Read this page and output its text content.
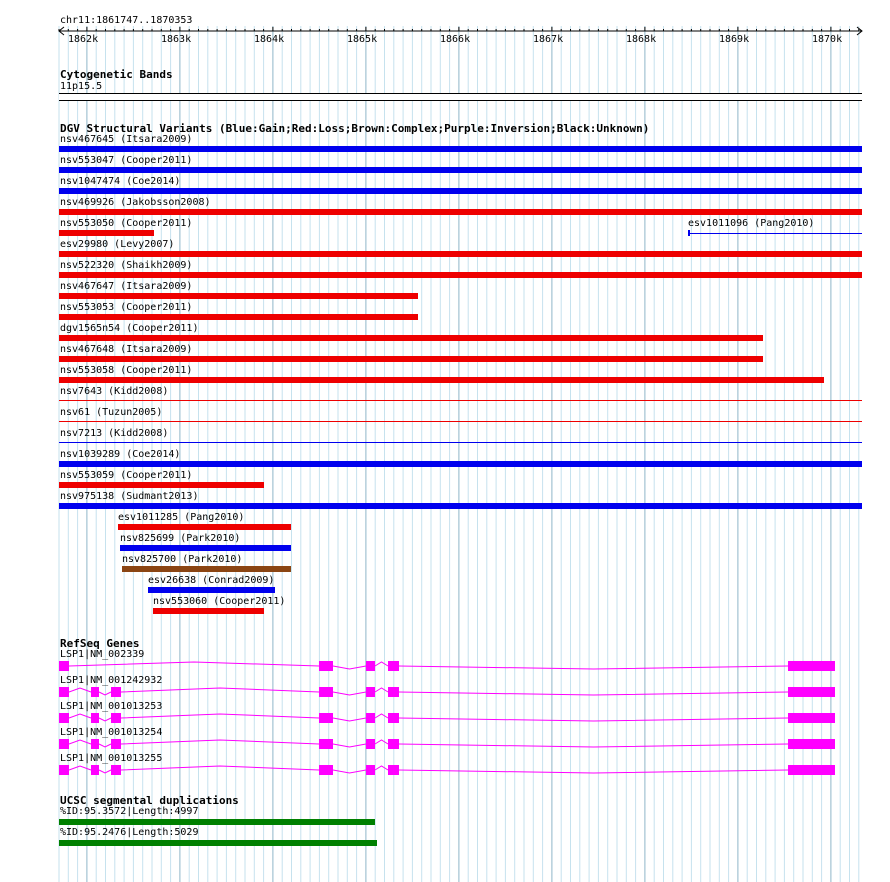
chr11:1861747..1870353
1862k	1863k	1864k	1865k	1866k	1867k	1868k	1869k	1870k
Cytogenetic Bands
11p15.5
DGV Structural Variants (Blue:Gain;Red:Loss;Brown:Complex;Purple:Inversion;Black:Unknown)
nsv467645 (Itsara2009)
nsv553047 (Cooper2011)
nsv1047474 (Coe2014)
nsv469926 (Jakobsson2008)
nsv553050 (Cooper2011)	esv1011096 (Pang2010)
esv29980 (Levy2007)
nsv522320 (Shaikh2009)
nsv467647 (Itsara2009)
nsv553053 (Cooper2011)
dgv1565n54 (Cooper2011)
nsv467648 (Itsara2009)
nsv553058 (Cooper2011)
nsv7643 (Kidd2008)
nsv61 (Tuzun2005)
nsv7213 (Kidd2008)
nsv1039289 (Coe2014)
nsv553059 (Cooper2011)
nsv975138 (Sudmant2013)
esv1011285 (Pang2010)
nsv825699 (Park2010)
nsv825700 (Park2010)
esv26638 (Conrad2009)
nsv553060 (Cooper2011)
RefSeq Genes
LSP1|NM_002339
LSP1|NM_001242932
LSP1|NM_001013253
LSP1|NM_001013254
LSP1|NM_001013255
UCSC segmental duplications
%ID:95.3572|Length:4997
%ID:95.2476|Length:5029
